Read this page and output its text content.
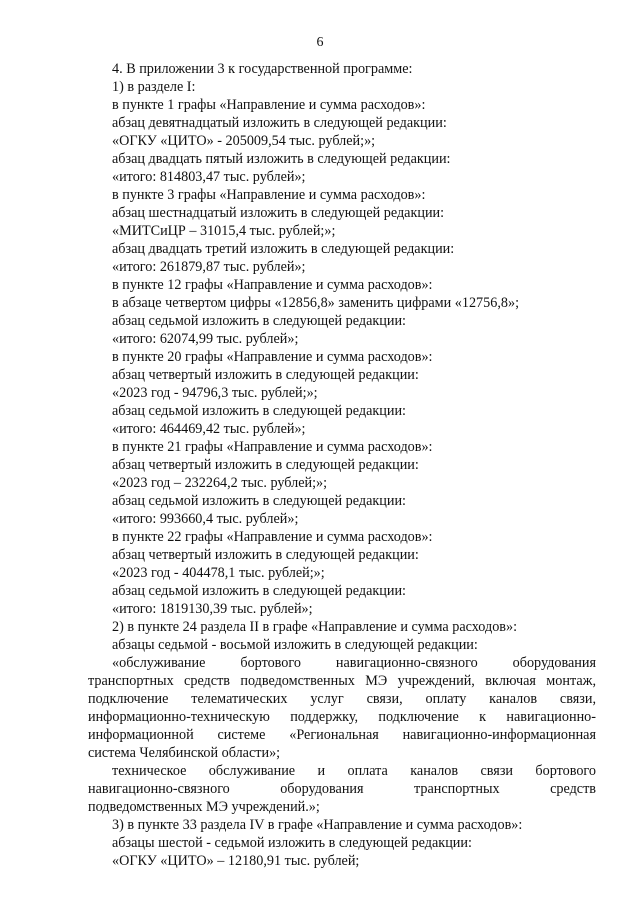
6
4. В приложении 3 к государственной программе:
1) в разделе I:
в пункте 1 графы «Направление и сумма расходов»:
абзац девятнадцатый изложить в следующей редакции:
«ОГКУ «ЦИТО» - 205009,54 тыс. рублей;»;
абзац двадцать пятый изложить в следующей редакции:
«итого: 814803,47 тыс. рублей»;
в пункте 3 графы «Направление и сумма расходов»:
абзац шестнадцатый изложить в следующей редакции:
«МИТСиЦР – 31015,4 тыс. рублей;»;
абзац двадцать третий изложить в следующей редакции:
«итого: 261879,87 тыс. рублей»;
в пункте 12 графы «Направление и сумма расходов»:
в абзаце четвертом цифры «12856,8» заменить цифрами «12756,8»;
абзац седьмой изложить в следующей редакции:
«итого: 62074,99 тыс. рублей»;
в пункте 20 графы «Направление и сумма расходов»:
абзац четвертый изложить в следующей редакции:
«2023 год - 94796,3 тыс. рублей;»;
абзац седьмой изложить в следующей редакции:
«итого: 464469,42 тыс. рублей»;
в пункте 21 графы «Направление и сумма расходов»:
абзац четвертый изложить в следующей редакции:
«2023 год – 232264,2 тыс. рублей;»;
абзац седьмой изложить в следующей редакции:
«итого: 993660,4 тыс. рублей»;
в пункте 22 графы «Направление и сумма расходов»:
абзац четвертый изложить в следующей редакции:
«2023 год - 404478,1 тыс. рублей;»;
абзац седьмой изложить в следующей редакции:
«итого: 1819130,39 тыс. рублей»;
2) в пункте 24 раздела II в графе «Направление и сумма расходов»:
абзацы седьмой - восьмой изложить в следующей редакции:
«обслуживание бортового навигационно-связного оборудования
транспортных средств подведомственных МЭ учреждений, включая монтаж,
подключение телематических услуг связи, оплату каналов связи,
информационно-техническую поддержку, подключение к навигационно-
информационной системе «Региональная навигационно-информационная
система Челябинской области»;
техническое обслуживание и оплата каналов связи бортового
навигационно-связного оборудования транспортных средств
подведомственных МЭ учреждений.»;
3) в пункте 33 раздела IV в графе «Направление и сумма расходов»:
абзацы шестой - седьмой изложить в следующей редакции:
«ОГКУ «ЦИТО» – 12180,91 тыс. рублей;
